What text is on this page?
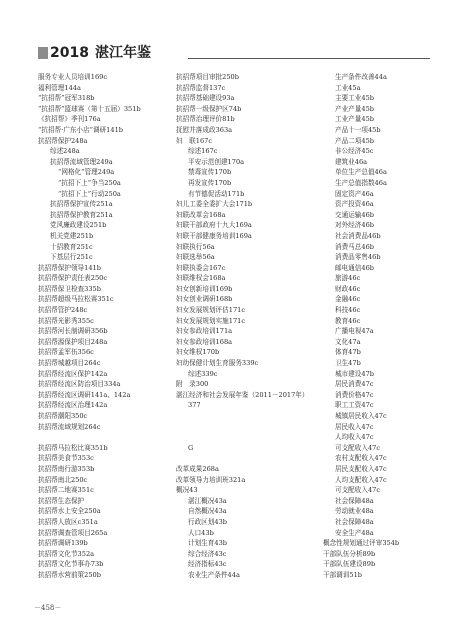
2018 湛江年鉴
服务专业人员培训169c
福利管理144a
“抗招帮”冠军318b
“抗招帮”篮球赛（第十五届）351b
《抗招帮》季刊176a
“抗招帮·广东小店”调研141b
抗招帮保护248a
综述248a
抗招帮流域管理249a
“网格化”管理249a
“抗招下上”争当250a
“抗招下上”行动250a
抗招帮保护宣传251a
抗招帮保护教育251a
党风廉政建设251b
机关党建251b
十招教育251c
下基层行251c
抗招帮保护领导141b
抗招帮保护责任表250c
抗招帮保卫检查335b
抗招帮超级马拉松赛351c
抗招帮管护248c
抗招帮光影秀355c
抗招帮河长制调研356b
抗招帮源保护项目248a
抗招帮孟军伍356c
抗招帮城越项目264c
抗招帮经流区保护142a
抗招帮经流区防治项目334a
抗招帮经流区调研141a、142a
抗招帮经流区治理142a
抗招帮潮阳350c
抗招帮流域规划264c
抗招帮马拉松比赛351b
抗招帮美食节353c
抗招帮南行游353b
抗招帮南北250c
抗招帮二地赛351c
抗招帮生态保护
抗招帮水上安全250a
抗招帮人放区c351a
抗招帮调查管项目265a
抗招帮调研139b
抗招帮文化节352a
抗招帮文化节事办73b
抗招帮水营前策250b
抗招帮项目审批250b
抗招帮监督137c
抗招帮基础建设93a
抗招帮一级保护区74b
抗招帮治理评价81b
抚慰并落成政363a
妇　联167c
综述167c
平安示范创建170a
禁毒宣传170b
再发宣传170b
有节德促活动171b
妇儿工委全委扩大会171b
妇联改革会168a
妇联干部政府十九大169a
妇联干部健康务培训169a
妇联执行56a
妇联选举56a
妇联执委会167c
妇联维权会168a
妇女创新培训169b
妇女创业调研168b
妇女发展规划评估171c
妇女发展规划实施171c
妇女参政培训171a
妇女参政培训168a
妇女维权170b
妇幼保健计划生育服务339c
综述339c
附　录300
湛江经济和社会发展年鉴（2011－2017年）
377
G
改革成果268a
改革领导力培训班321a
概况43
湛江概况43a
自然概况43a
行政区划43b
人口43b
计划生育43b
综合经济43c
经济指标43c
农业生产条件44a
生产条件改善44a
工业45a
主要工业45b
产业产量45b
工业产量45b
产品十一项45b
产品二项45b
非公经济45c
建筑业46a
单位生产总值46a
生产总值指数46a
固定资产46a
资产投资46a
交通运输46b
对外经济46b
社会消费品46b
消费马总46b
消费品零售46b
邮电通信46b
旅游46c
财政46c
金融46c
科技46c
教育46c
广播电视47a
文化47a
体育47b
卫生47b
城市建设47b
居民消费47c
消费价格47c
职工工资47c
城镇居民收入47c
居民收入47c
人均收入47c
可支配收入47c
农村支配收入47c
居民支配收入47c
人均支配收入47c
可支配收入47c
社会保障48a
劳动就业48a
社会保障48a
安全生产48a
概念性规划通过评审354b
干部队伍分析89b
干部队伍建设89b
干部调训51b
－458－
